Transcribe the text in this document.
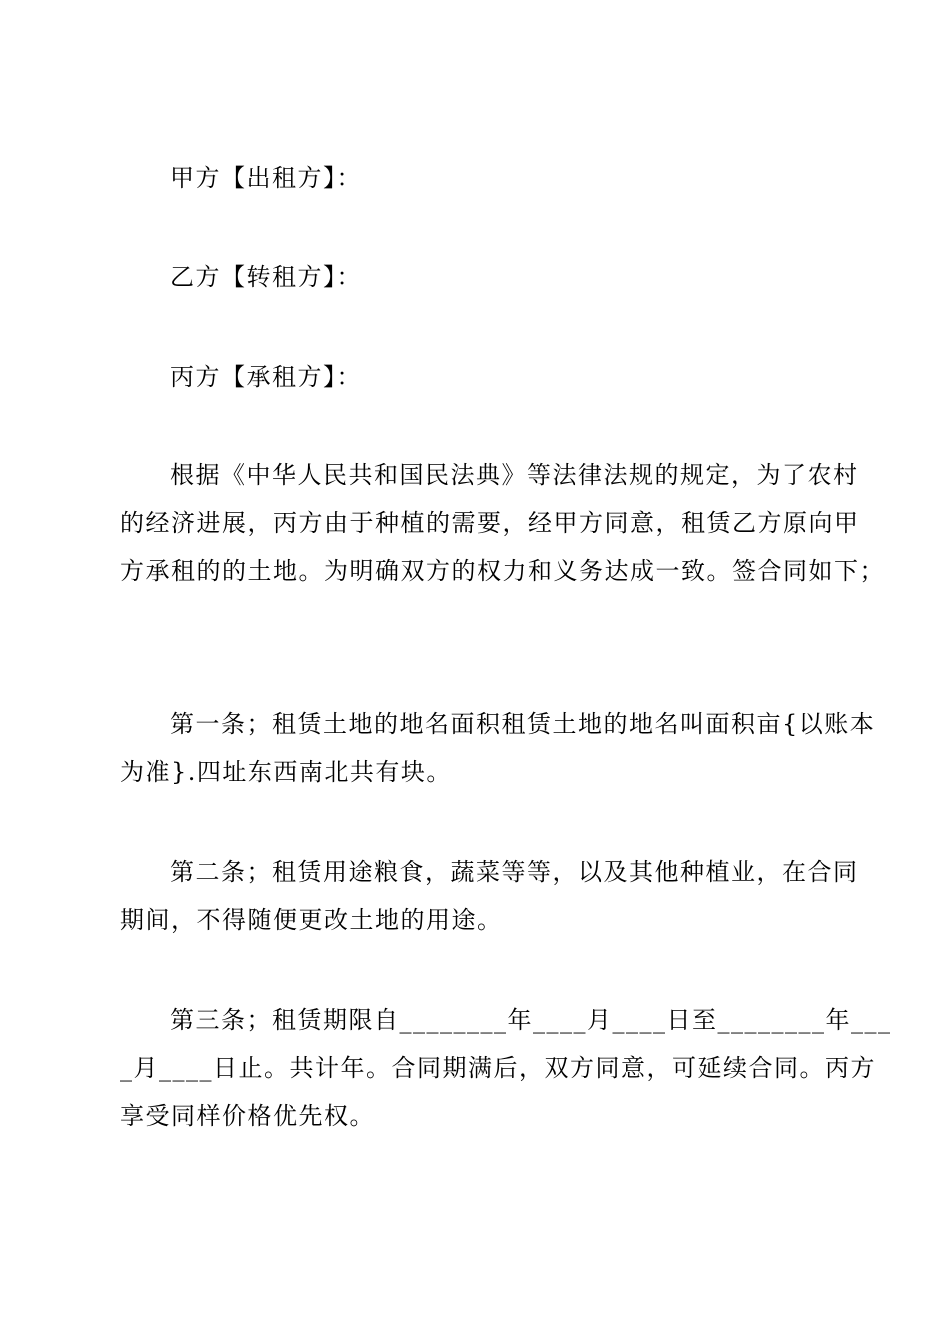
甲方【出租方】：
乙方【转租方】：
丙方【承租方】：
根据《中华人民共和国民法典》等法律法规的规定，为了农村
的经济进展，丙方由于种植的需要，经甲方同意，租赁乙方原向甲
方承租的的土地。为明确双方的权力和义务达成一致。签合同如下；
第一条；租赁土地的地名面积租赁土地的地名叫面积亩{以账本
为准}.四址东西南北共有块。
第二条；租赁用途粮食，蔬菜等等，以及其他种植业，在合同
期间，不得随便更改土地的用途。
第三条；租赁期限自________年____月____日至________年___
_月____日止。共计年。合同期满后，双方同意，可延续合同。丙方
享受同样价格优先权。
